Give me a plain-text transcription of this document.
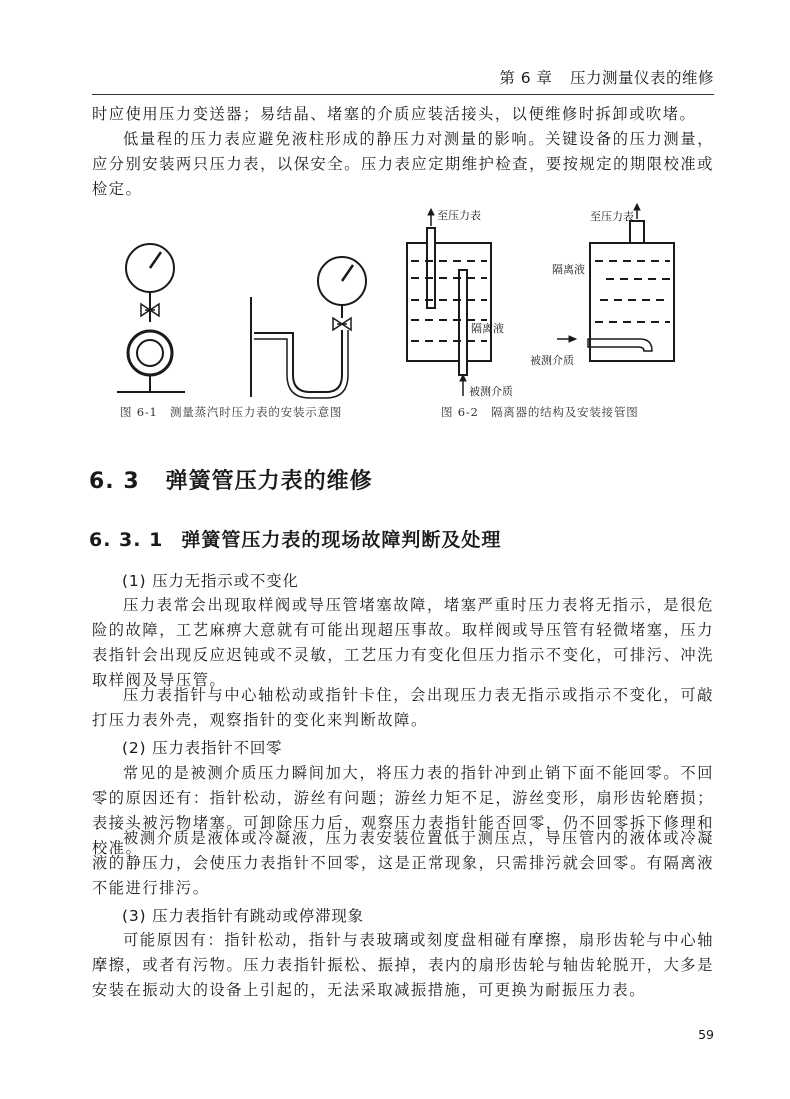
第 6 章 压力测量仪表的维修

时应使用压力变送器；易结晶、堵塞的介质应装活接头，以便维修时拆卸或吹堵。

低量程的压力表应避免液柱形成的静压力对测量的影响。关键设备的压力测量，应分别安装两只压力表，以保安全。压力表应定期维护检查，要按规定的期限校准或检定。

至压力表
隔离液
被测介质
至压力表
隔离液
被测介质
图 6-1　测量蒸汽时压力表的安装示意图	图 6-2　隔离器的结构及安装接管图
6. 3 弹簧管压力表的维修
6. 3. 1 弹簧管压力表的现场故障判断及处理

(1) 压力无指示或不变化

压力表常会出现取样阀或导压管堵塞故障，堵塞严重时压力表将无指示，是很危险的故障，工艺麻痹大意就有可能出现超压事故。取样阀或导压管有轻微堵塞，压力表指针会出现反应迟钝或不灵敏，工艺压力有变化但压力指示不变化，可排污、冲洗取样阀及导压管。

压力表指针与中心轴松动或指针卡住，会出现压力表无指示或指示不变化，可敲打压力表外壳，观察指针的变化来判断故障。

(2) 压力表指针不回零

常见的是被测介质压力瞬间加大，将压力表的指针冲到止销下面不能回零。不回零的原因还有：指针松动，游丝有问题；游丝力矩不足，游丝变形，扇形齿轮磨损；表接头被污物堵塞。可卸除压力后，观察压力表指针能否回零，仍不回零拆下修理和校准。

被测介质是液体或冷凝液，压力表安装位置低于测压点，导压管内的液体或冷凝液的静压力，会使压力表指针不回零，这是正常现象，只需排污就会回零。有隔离液不能进行排污。

(3) 压力表指针有跳动或停滞现象

可能原因有：指针松动，指针与表玻璃或刻度盘相碰有摩擦，扇形齿轮与中心轴摩擦，或者有污物。压力表指针振松、振掉，表内的扇形齿轮与轴齿轮脱开，大多是安装在振动大的设备上引起的，无法采取减振措施，可更换为耐振压力表。

59
